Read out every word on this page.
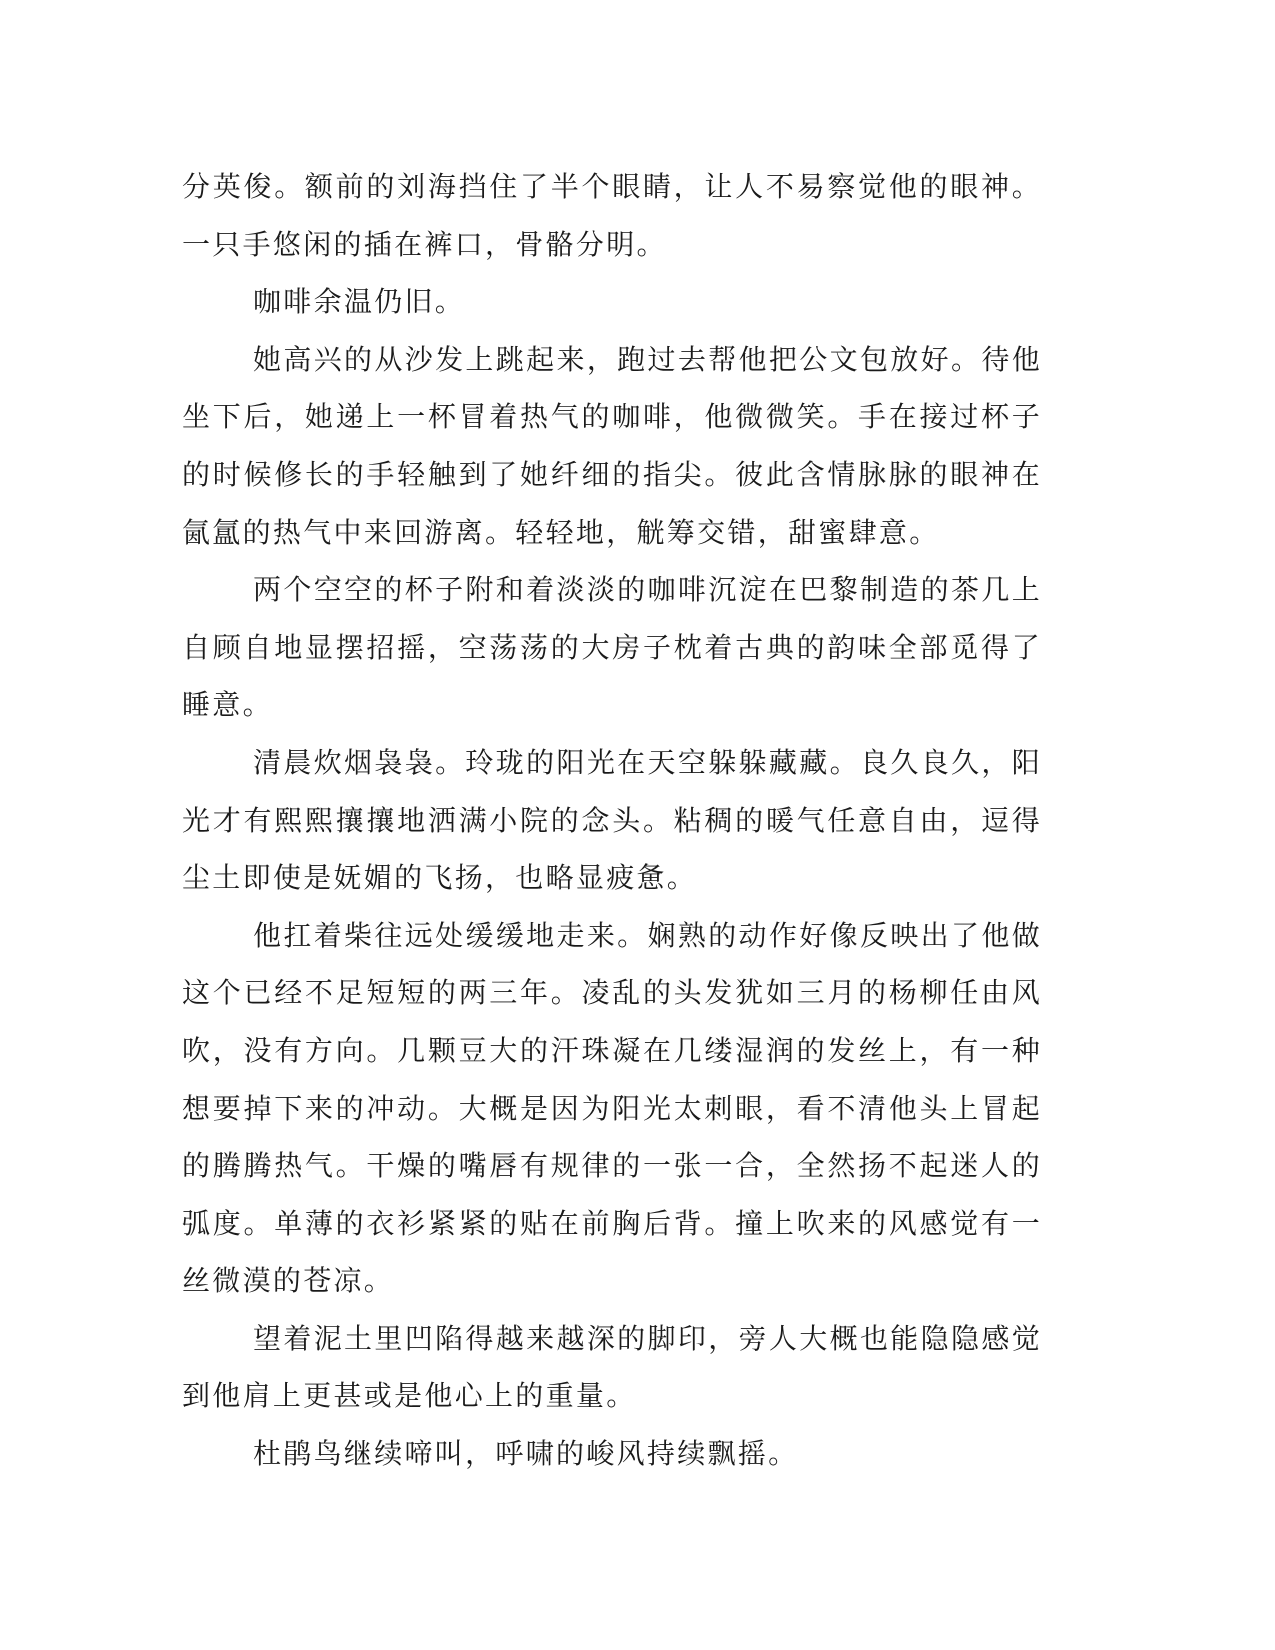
分英俊。额前的刘海挡住了半个眼睛，让人不易察觉他的眼神。一只手悠闲的插在裤口，骨骼分明。

咖啡余温仍旧。

她高兴的从沙发上跳起来，跑过去帮他把公文包放好。待他坐下后，她递上一杯冒着热气的咖啡，他微微笑。手在接过杯子的时候修长的手轻触到了她纤细的指尖。彼此含情脉脉的眼神在氤氲的热气中来回游离。轻轻地，觥筹交错，甜蜜肆意。

两个空空的杯子附和着淡淡的咖啡沉淀在巴黎制造的茶几上自顾自地显摆招摇，空荡荡的大房子枕着古典的韵味全部觅得了睡意。

清晨炊烟袅袅。玲珑的阳光在天空躲躲藏藏。良久良久，阳光才有熙熙攘攘地洒满小院的念头。粘稠的暖气任意自由，逗得尘土即使是妩媚的飞扬，也略显疲惫。

他扛着柴往远处缓缓地走来。娴熟的动作好像反映出了他做这个已经不足短短的两三年。凌乱的头发犹如三月的杨柳任由风吹，没有方向。几颗豆大的汗珠凝在几缕湿润的发丝上，有一种想要掉下来的冲动。大概是因为阳光太刺眼，看不清他头上冒起的腾腾热气。干燥的嘴唇有规律的一张一合，全然扬不起迷人的弧度。单薄的衣衫紧紧的贴在前胸后背。撞上吹来的风感觉有一丝微漠的苍凉。

望着泥土里凹陷得越来越深的脚印，旁人大概也能隐隐感觉到他肩上更甚或是他心上的重量。

杜鹃鸟继续啼叫，呼啸的峻风持续飘摇。
